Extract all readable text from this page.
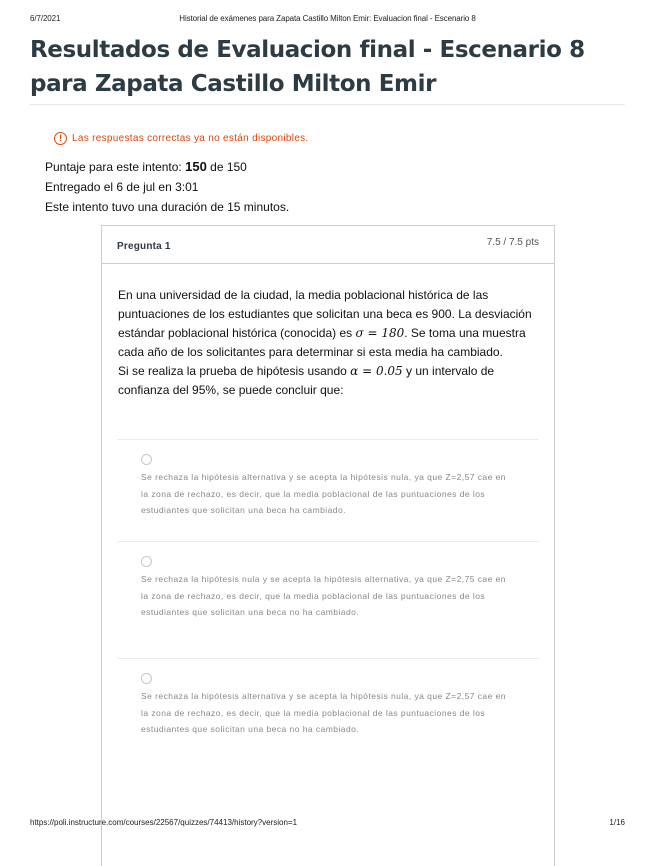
6/7/2021	Historial de exámenes para Zapata Castillo Milton Emir: Evaluacion final - Escenario 8
Resultados de Evaluacion final - Escenario 8 para Zapata Castillo Milton Emir
!	Las respuestas correctas ya no están disponibles.
Puntaje para este intento: 150 de 150
Entregado el 6 de jul en 3:01
Este intento tuvo una duración de 15 minutos.
Pregunta 1	7.5 / 7.5 pts

En una universidad de la ciudad, la media poblacional histórica de las puntuaciones de los estudiantes que solicitan una beca es 900. La desviación estándar poblacional histórica (conocida) es σ = 180. Se toma una muestra cada año de los solicitantes para determinar si esta media ha cambiado.

Si se realiza la prueba de hipótesis usando α = 0.05 y un intervalo de confianza del 95%, se puede concluir que:

Se rechaza la hipótesis alternativa y se acepta la hipótesis nula, ya que Z=2,57 cae en la zona de rechazo, es decir, que la media poblacional de las puntuaciones de los estudiantes que solicitan una beca ha cambiado.
Se rechaza la hipótesis nula y se acepta la hipótesis alternativa, ya que Z=2,75 cae en la zona de rechazo, es decir, que la media poblacional de las puntuaciones de los estudiantes que solicitan una beca no ha cambiado.
Se rechaza la hipótesis alternativa y se acepta la hipótesis nula, ya que Z=2,57 cae en la zona de rechazo, es decir, que la media poblacional de las puntuaciones de los estudiantes que solicitan una beca no ha cambiado.
https://poli.instructure.com/courses/22567/quizzes/74413/history?version=1	1/16
